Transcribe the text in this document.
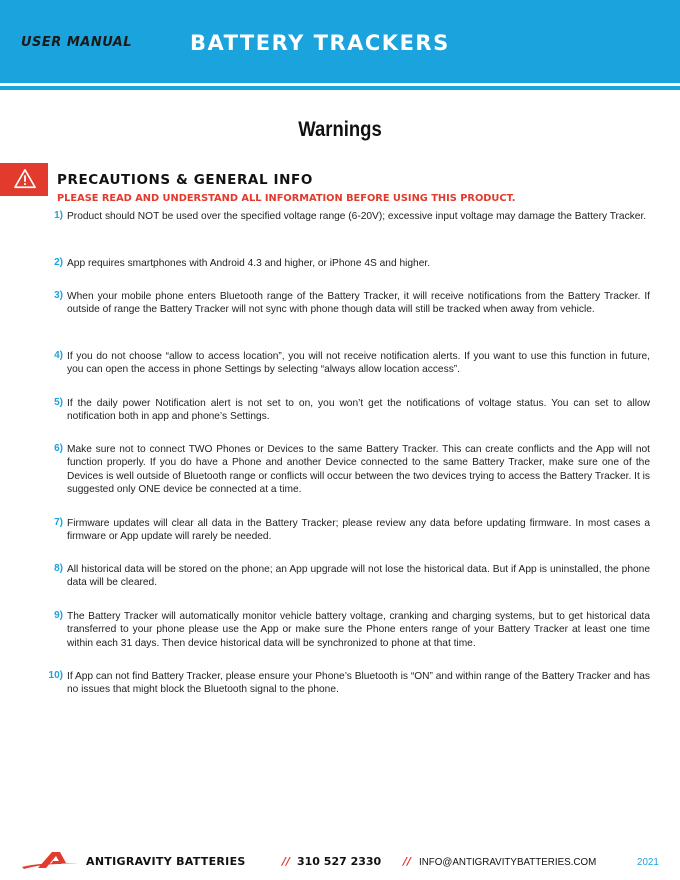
USER MANUAL	BATTERY TRACKERS
Warnings
PRECAUTIONS & GENERAL INFO
PLEASE READ AND UNDERSTAND ALL INFORMATION BEFORE USING THIS PRODUCT.
1) Product should NOT be used over the specified voltage range (6-20V); excessive input voltage may damage the Battery Tracker.
2) App requires smartphones with Android 4.3 and higher, or iPhone 4S and higher.
3) When your mobile phone enters Bluetooth range of the Battery Tracker, it will receive notifications from the Battery Tracker. If outside of range the Battery Tracker will not sync with phone though data will still be tracked when away from vehicle.
4) If you do not choose “allow to access location”, you will not receive notification alerts. If you want to use this function in future, you can open the access in phone Settings by selecting “always allow location access”.
5) If the daily power Notification alert is not set to on, you won’t get the notifications of voltage status. You can set to allow notification both in app and phone’s Settings.
6) Make sure not to connect TWO Phones or Devices to the same Battery Tracker. This can create conflicts and the App will not function properly. If you do have a Phone and another Device connected to the same Battery Tracker, make sure one of the Devices is well outside of Bluetooth range or conflicts will occur between the two devices trying to access the Battery Tracker. It is suggested only ONE device be connected at a time.
7) Firmware updates will clear all data in the Battery Tracker; please review any data before updating firmware. In most cases a firmware or App update will rarely be needed.
8) All historical data will be stored on the phone; an App upgrade will not lose the historical data. But if App is uninstalled, the phone data will be cleared.
9) The Battery Tracker will automatically monitor vehicle battery voltage, cranking and charging systems, but to get historical data transferred to your phone please use the App or make sure the Phone enters range of your Battery Tracker at least one time within each 31 days. Then device historical data will be synchronized to phone at that time.
10) If App can not find Battery Tracker, please ensure your Phone’s Bluetooth is “ON” and within range of the Battery Tracker and has no issues that might block the Bluetooth signal to the phone.
ANTIGRAVITY BATTERIES	// 310 527 2330 // INFO@ANTIGRAVITYBATTERIES.COM	2021
